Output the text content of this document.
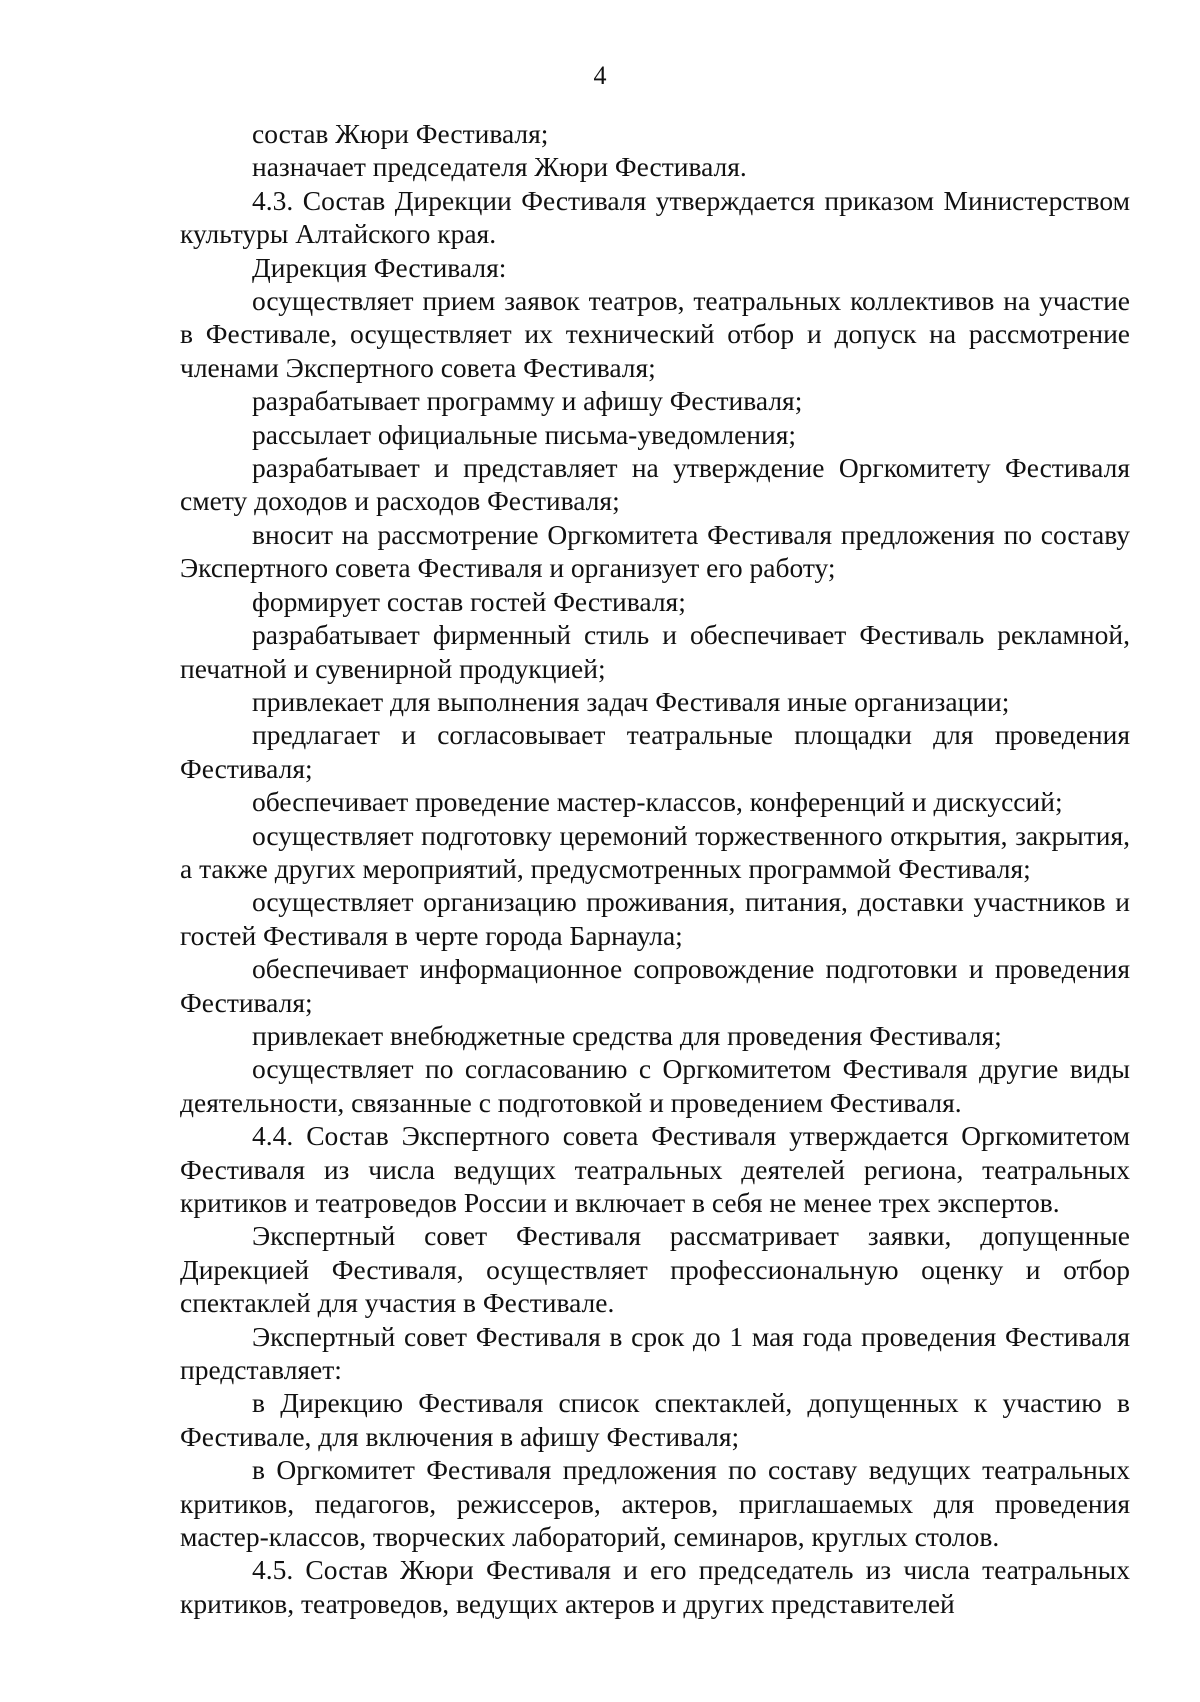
4

состав Жюри Фестиваля;

назначает председателя Жюри Фестиваля.

4.3. Состав Дирекции Фестиваля утверждается приказом Министерством культуры Алтайского края.

Дирекция Фестиваля:

осуществляет прием заявок театров, театральных коллективов на участие в Фестивале, осуществляет их технический отбор и допуск на рассмотрение членами Экспертного совета Фестиваля;

разрабатывает программу и афишу Фестиваля;

рассылает официальные письма-уведомления;

разрабатывает и представляет на утверждение Оргкомитету Фестиваля смету доходов и расходов Фестиваля;

вносит на рассмотрение Оргкомитета Фестиваля предложения по составу Экспертного совета Фестиваля и организует его работу;

формирует состав гостей Фестиваля;

разрабатывает фирменный стиль и обеспечивает Фестиваль рекламной, печатной и сувенирной продукцией;

привлекает для выполнения задач Фестиваля иные организации;

предлагает и согласовывает театральные площадки для проведения Фестиваля;

обеспечивает проведение мастер-классов, конференций и дискуссий;

осуществляет подготовку церемоний торжественного открытия, закрытия, а также других мероприятий, предусмотренных программой Фестиваля;

осуществляет организацию проживания, питания, доставки участников и гостей Фестиваля в черте города Барнаула;

обеспечивает информационное сопровождение подготовки и проведения Фестиваля;

привлекает внебюджетные средства для проведения Фестиваля;

осуществляет по согласованию с Оргкомитетом Фестиваля другие виды деятельности, связанные с подготовкой и проведением Фестиваля.

4.4. Состав Экспертного совета Фестиваля утверждается Оргкомитетом Фестиваля из числа ведущих театральных деятелей региона, театральных критиков и театроведов России и включает в себя не менее трех экспертов.

Экспертный совет Фестиваля рассматривает заявки, допущенные Дирекцией Фестиваля, осуществляет профессиональную оценку и отбор спектаклей для участия в Фестивале.

Экспертный совет Фестиваля в срок до 1 мая года проведения Фестиваля представляет:

в Дирекцию Фестиваля список спектаклей, допущенных к участию в Фестивале, для включения в афишу Фестиваля;

в Оргкомитет Фестиваля предложения по составу ведущих театральных критиков, педагогов, режиссеров, актеров, приглашаемых для проведения мастер-классов, творческих лабораторий, семинаров, круглых столов.

4.5. Состав Жюри Фестиваля и его председатель из числа театральных критиков, театроведов, ведущих актеров и других представителей
